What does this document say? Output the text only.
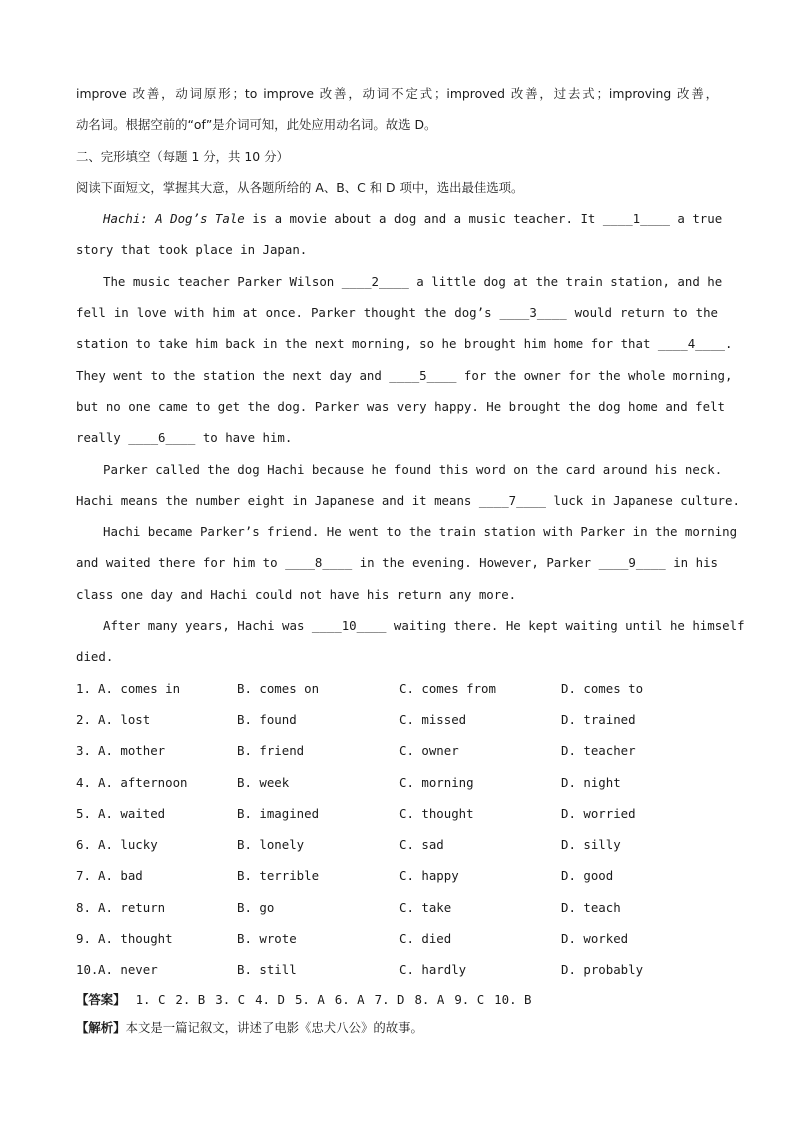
improve 改善，动词原形；to improve 改善，动词不定式；improved 改善，过去式；improving 改善，
动名词。根据空前的“of”是介词可知，此处应用动名词。故选 D。
二、完形填空（每题 1 分，共 10 分）
阅读下面短文，掌握其大意，从各题所给的 A、B、C 和 D 项中，选出最佳选项。
Hachi: A Dog’s Tale is a movie about a dog and a music teacher. It ____1____ a true
story that took place in Japan.
The music teacher Parker Wilson ____2____ a little dog at the train station, and he
fell in love with him at once. Parker thought the dog’s ____3____ would return to the
station to take him back in the next morning, so he brought him home for that ____4____.
They went to the station the next day and ____5____ for the owner for the whole morning,
but no one came to get the dog. Parker was very happy. He brought the dog home and felt
really ____6____ to have him.
Parker called the dog Hachi because he found this word on the card around his neck.
Hachi means the number eight in Japanese and it means ____7____ luck in Japanese culture.
Hachi became Parker’s friend. He went to the train station with Parker in the morning
and waited there for him to ____8____ in the evening. However, Parker ____9____ in his
class one day and Hachi could not have his return any more.
After many years, Hachi was ____10____ waiting there. He kept waiting until he himself
died.
1. A. comes in	B. comes on	C. comes from	D. comes to
2. A. lost	B. found	C. missed	D. trained
3. A. mother	B. friend	C. owner	D. teacher
4. A. afternoon	B. week	C. morning	D. night
5. A. waited	B. imagined	C. thought	D. worried
6. A. lucky	B. lonely	C. sad	D. silly
7. A. bad	B. terrible	C. happy	D. good
8. A. return	B. go	C. take	D. teach
9. A. thought	B. wrote	C. died	D. worked
10. A. never	B. still	C. hardly	D. probably
【答案】 1. C 2. B 3. C 4. D 5. A 6. A 7. D 8. A 9. C 10. B
【解析】 本文是一篇记叙文，讲述了电影《忠犬八公》的故事。
